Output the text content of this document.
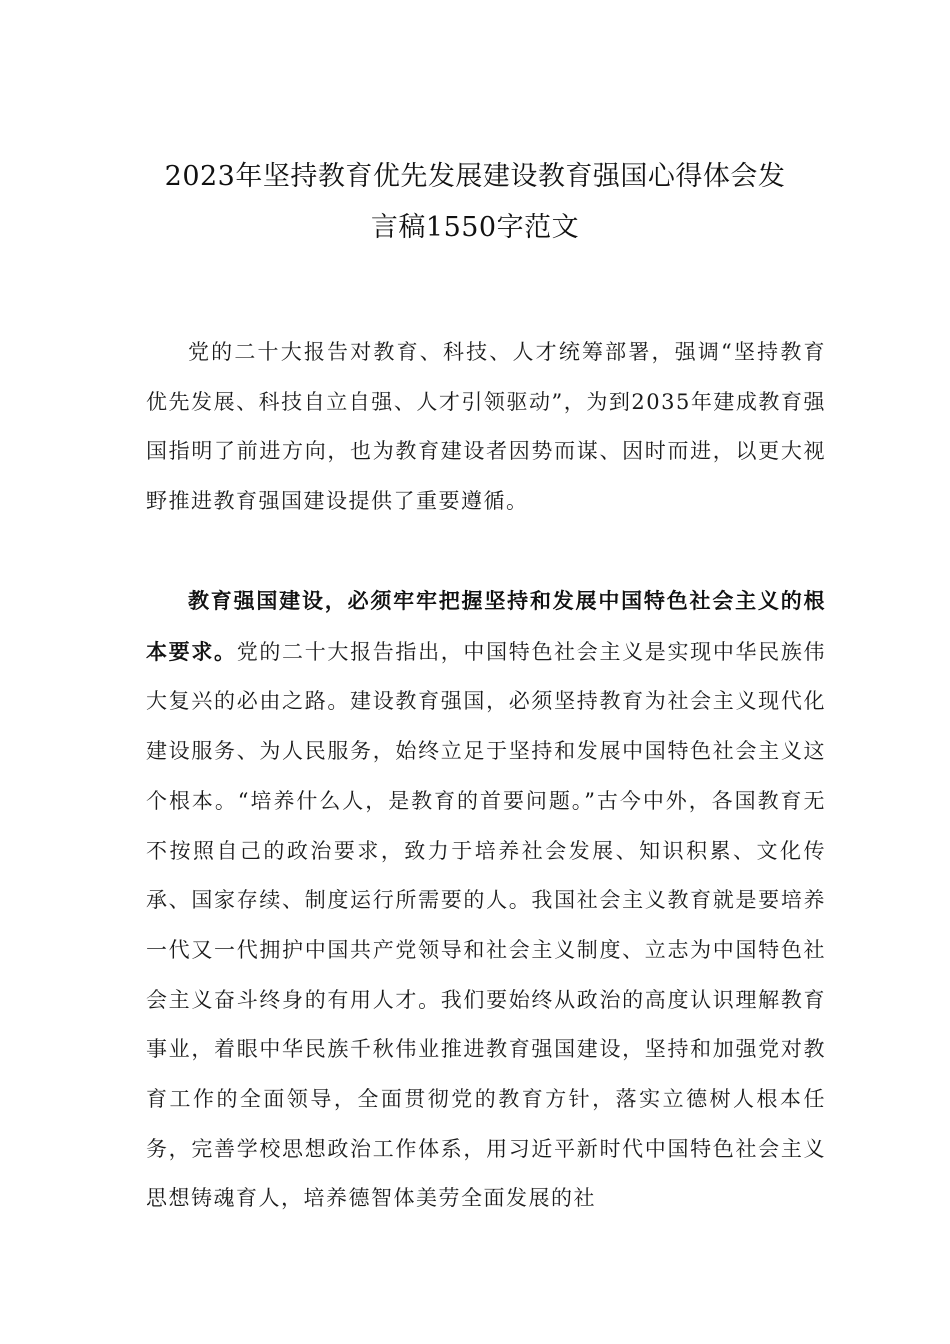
2023年坚持教育优先发展建设教育强国心得体会发
言稿1550字范文

党的二十大报告对教育、科技、人才统筹部署，强调“坚持教育优先发展、科技自立自强、人才引领驱动”，为到2035年建成教育强国指明了前进方向，也为教育建设者因势而谋、因时而进，以更大视野推进教育强国建设提供了重要遵循。

教育强国建设，必须牢牢把握坚持和发展中国特色社会主义的根本要求。党的二十大报告指出，中国特色社会主义是实现中华民族伟大复兴的必由之路。建设教育强国，必须坚持教育为社会主义现代化建设服务、为人民服务，始终立足于坚持和发展中国特色社会主义这个根本。“培养什么人，是教育的首要问题。”古今中外，各国教育无不按照自己的政治要求，致力于培养社会发展、知识积累、文化传承、国家存续、制度运行所需要的人。我国社会主义教育就是要培养一代又一代拥护中国共产党领导和社会主义制度、立志为中国特色社会主义奋斗终身的有用人才。我们要始终从政治的高度认识理解教育事业，着眼中华民族千秋伟业推进教育强国建设，坚持和加强党对教育工作的全面领导，全面贯彻党的教育方针，落实立德树人根本任务，完善学校思想政治工作体系，用习近平新时代中国特色社会主义思想铸魂育人，培养德智体美劳全面发展的社
